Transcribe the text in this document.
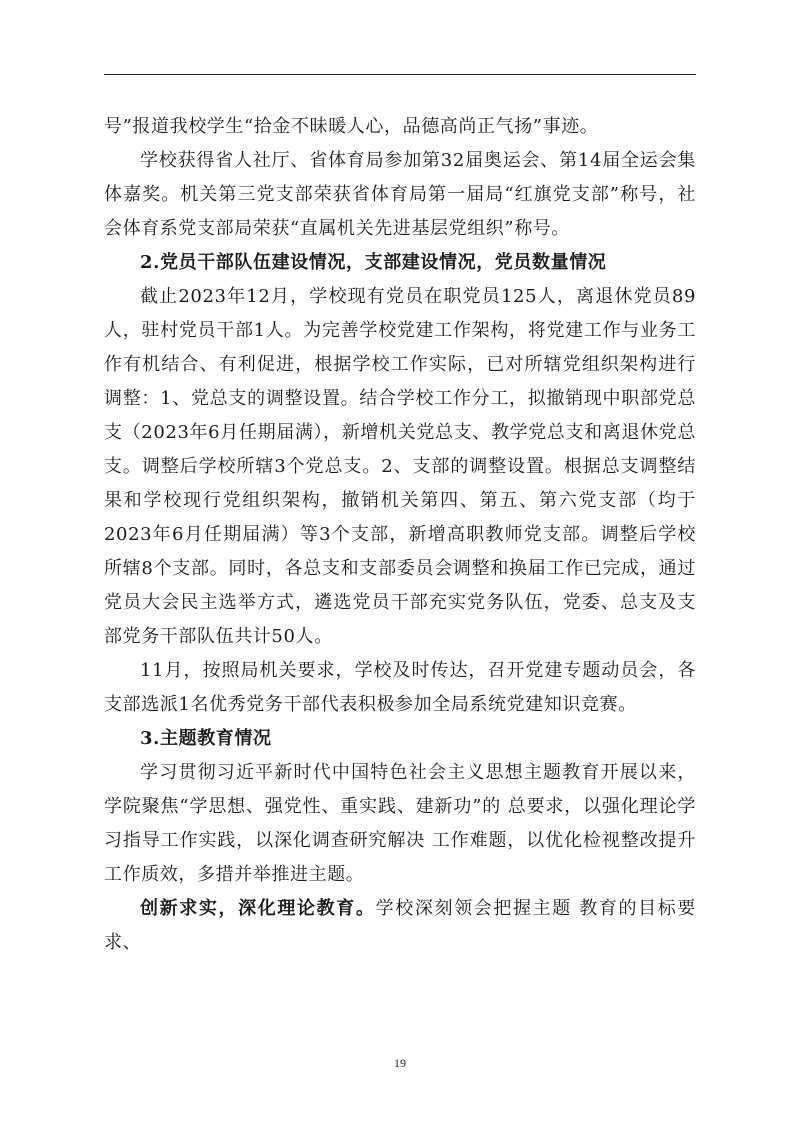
号”报道我校学生“拾金不昧暖人心，品德高尚正气扬”事迹。

学校获得省人社厅、省体育局参加第32届奥运会、第14届全运会集体嘉奖。机关第三党支部荣获省体育局第一届局“红旗党支部”称号，社会体育系党支部局荣获“直属机关先进基层党组织”称号。

2.党员干部队伍建设情况，支部建设情况，党员数量情况

截止2023年12月，学校现有党员在职党员125人，离退休党员89人，驻村党员干部1人。为完善学校党建工作架构，将党建工作与业务工作有机结合、有利促进，根据学校工作实际，已对所辖党组织架构进行调整：1、党总支的调整设置。结合学校工作分工，拟撤销现中职部党总支（2023年6月任期届满），新增机关党总支、教学党总支和离退休党总支。调整后学校所辖3个党总支。2、支部的调整设置。根据总支调整结果和学校现行党组织架构，撤销机关第四、第五、第六党支部（均于2023年6月任期届满）等3个支部，新增高职教师党支部。调整后学校所辖8个支部。同时，各总支和支部委员会调整和换届工作已完成，通过党员大会民主选举方式，遴选党员干部充实党务队伍，党委、总支及支部党务干部队伍共计50人。

11月，按照局机关要求，学校及时传达，召开党建专题动员会，各支部选派1名优秀党务干部代表积极参加全局系统党建知识竞赛。

3.主题教育情况

学习贯彻习近平新时代中国特色社会主义思想主题教育开展以来，学院聚焦“学思想、强党性、重实践、建新功”的 总要求，以强化理论学习指导工作实践，以深化调查研究解决 工作难题，以优化检视整改提升工作质效，多措并举推进主题。

创新求实，深化理论教育。学校深刻领会把握主题 教育的目标要求、

19
